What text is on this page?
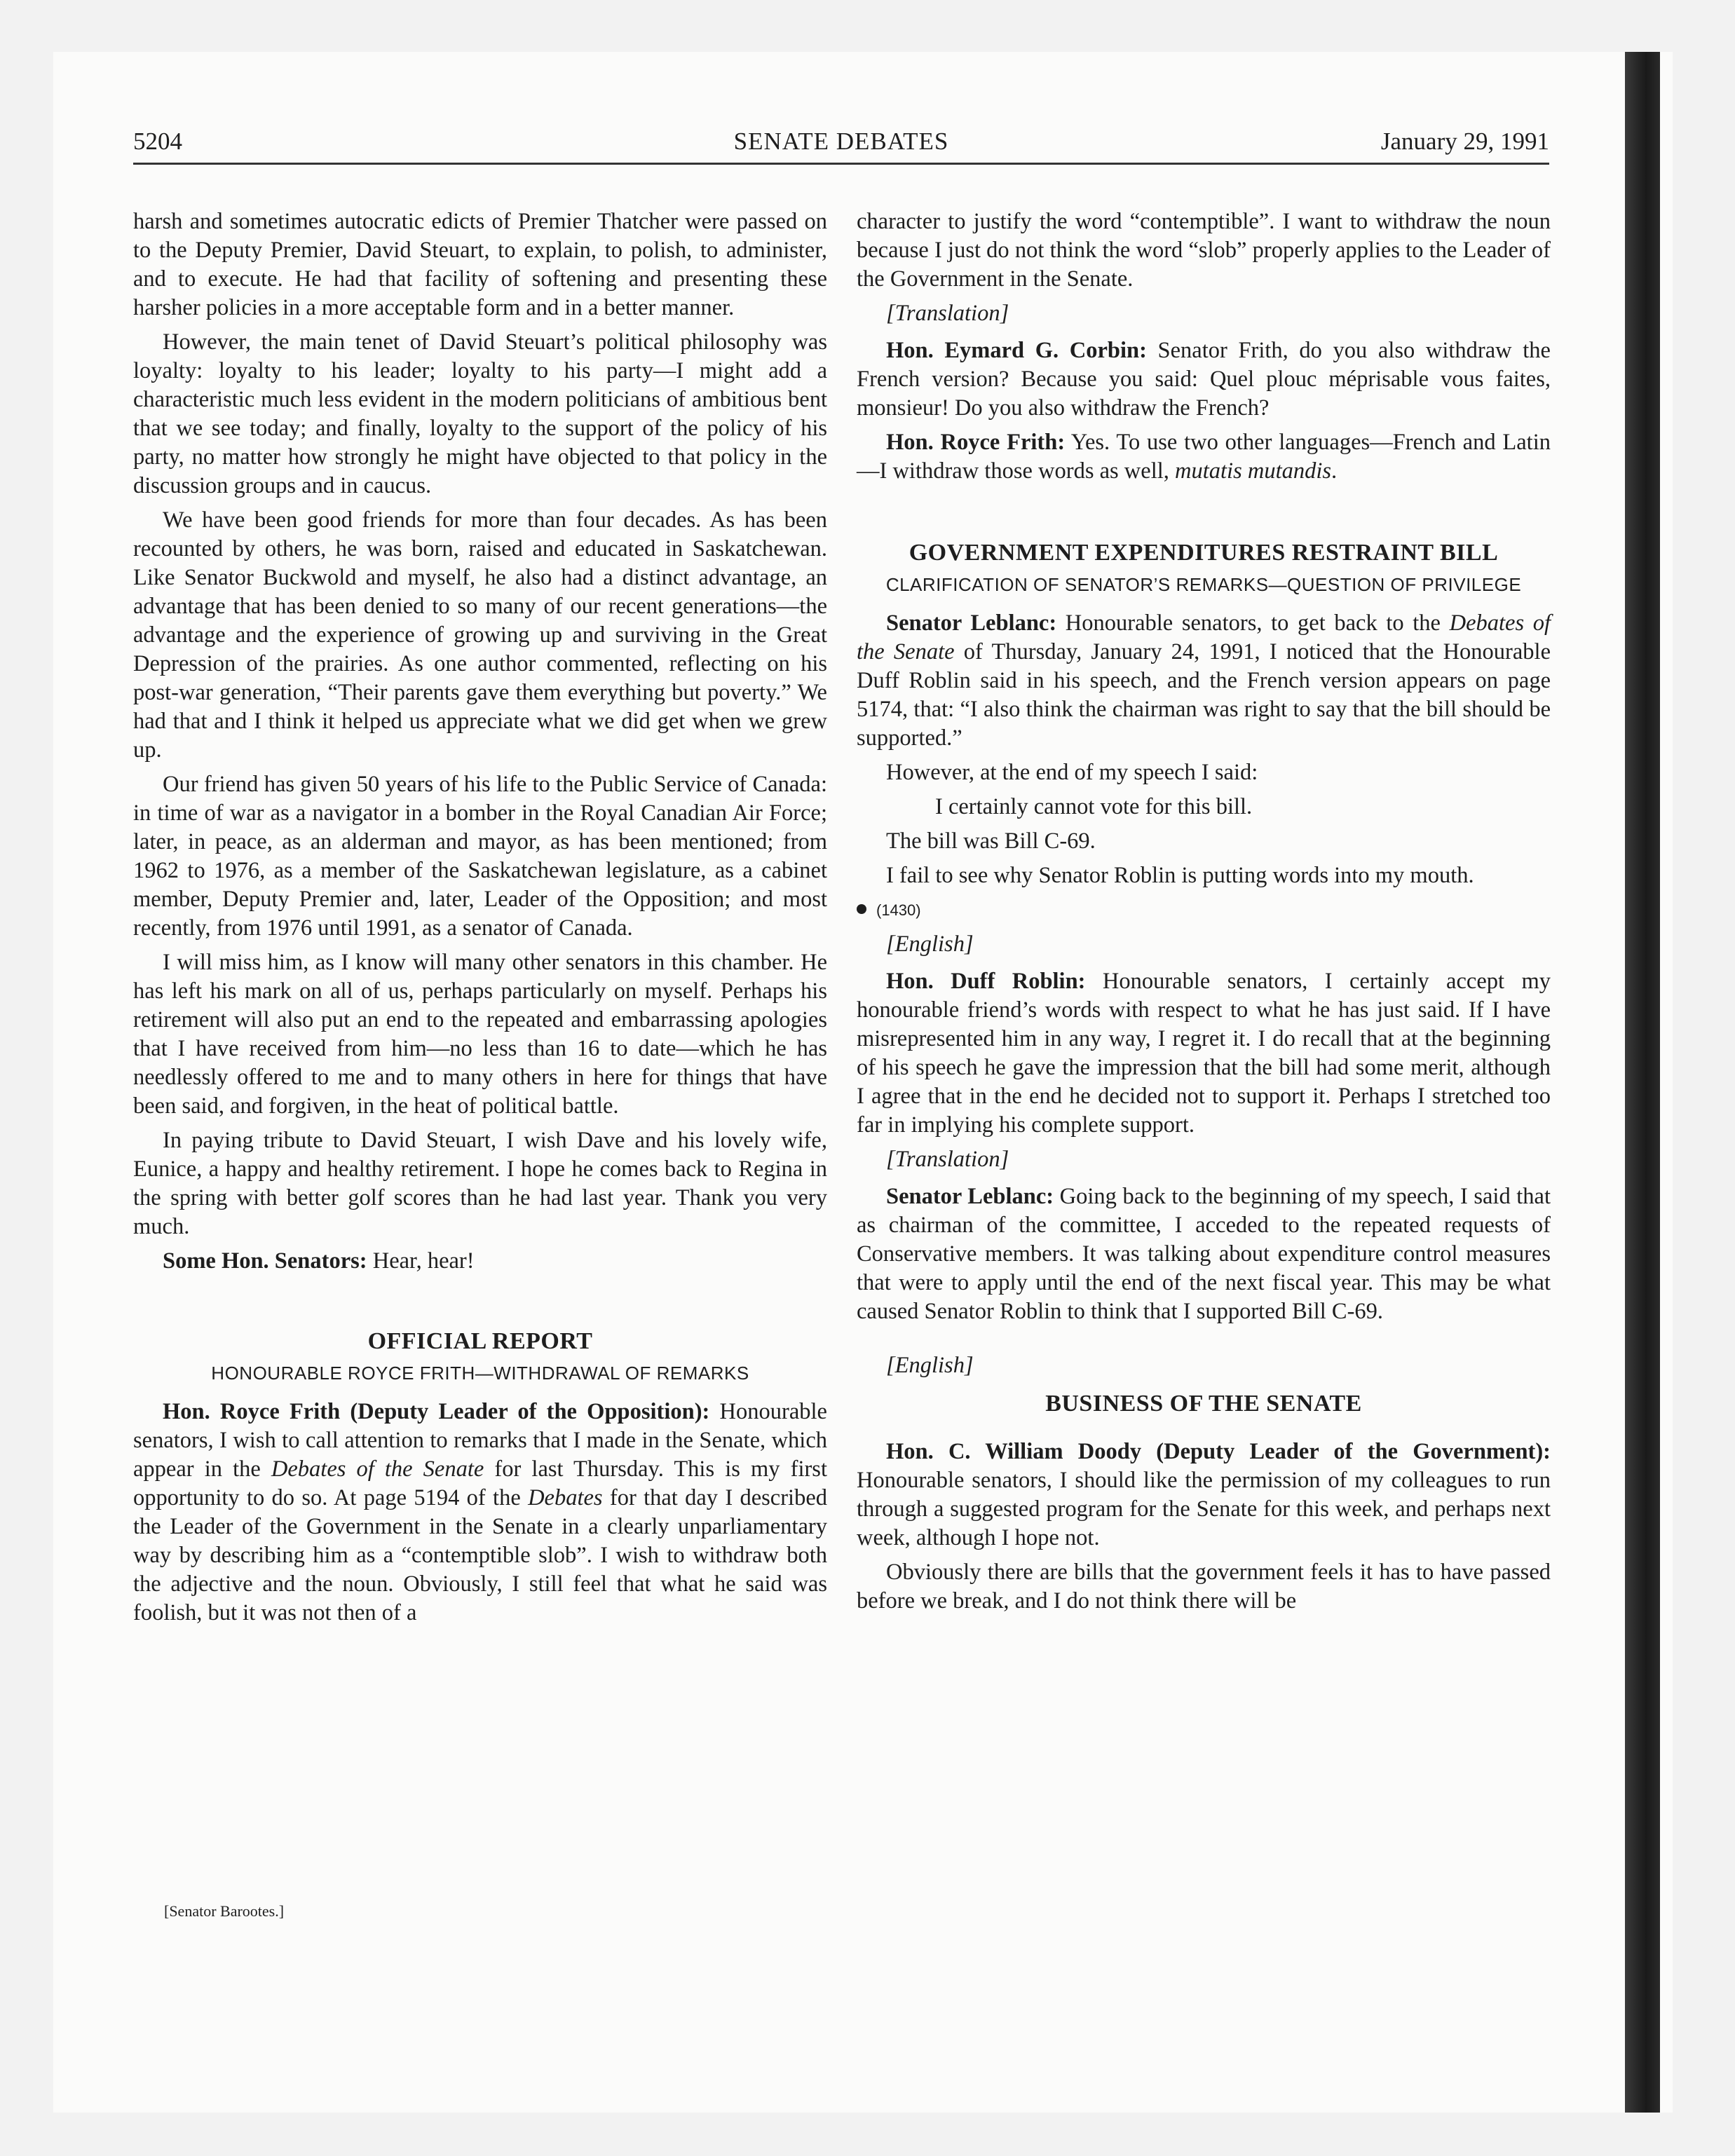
5204	SENATE DEBATES	January 29, 1991

harsh and sometimes autocratic edicts of Premier Thatcher were passed on to the Deputy Premier, David Steuart, to explain, to polish, to administer, and to execute. He had that facility of softening and presenting these harsher policies in a more acceptable form and in a better manner.

However, the main tenet of David Steuart’s political philosophy was loyalty: loyalty to his leader; loyalty to his party—I might add a characteristic much less evident in the modern politicians of ambitious bent that we see today; and finally, loyalty to the support of the policy of his party, no matter how strongly he might have objected to that policy in the discussion groups and in caucus.

We have been good friends for more than four decades. As has been recounted by others, he was born, raised and educated in Saskatchewan. Like Senator Buckwold and myself, he also had a distinct advantage, an advantage that has been denied to so many of our recent generations—the advantage and the experience of growing up and surviving in the Great Depression of the prairies. As one author commented, reflecting on his post-war generation, “Their parents gave them everything but poverty.” We had that and I think it helped us appreciate what we did get when we grew up.

Our friend has given 50 years of his life to the Public Service of Canada: in time of war as a navigator in a bomber in the Royal Canadian Air Force; later, in peace, as an alderman and mayor, as has been mentioned; from 1962 to 1976, as a member of the Saskatchewan legislature, as a cabinet member, Deputy Premier and, later, Leader of the Opposition; and most recently, from 1976 until 1991, as a senator of Canada.

I will miss him, as I know will many other senators in this chamber. He has left his mark on all of us, perhaps particularly on myself. Perhaps his retirement will also put an end to the repeated and embarrassing apologies that I have received from him—no less than 16 to date—which he has needlessly offered to me and to many others in here for things that have been said, and forgiven, in the heat of political battle.

In paying tribute to David Steuart, I wish Dave and his lovely wife, Eunice, a happy and healthy retirement. I hope he comes back to Regina in the spring with better golf scores than he had last year. Thank you very much.

Some Hon. Senators: Hear, hear!

OFFICIAL REPORT
HONOURABLE ROYCE FRITH—WITHDRAWAL OF REMARKS

Hon. Royce Frith (Deputy Leader of the Opposition): Honourable senators, I wish to call attention to remarks that I made in the Senate, which appear in the Debates of the Senate for last Thursday. This is my first opportunity to do so. At page 5194 of the Debates for that day I described the Leader of the Government in the Senate in a clearly unparliamentary way by describing him as a “contemptible slob”. I wish to withdraw both the adjective and the noun. Obviously, I still feel that what he said was foolish, but it was not then of a

character to justify the word “contemptible”. I want to withdraw the noun because I just do not think the word “slob” properly applies to the Leader of the Government in the Senate.

[Translation]

Hon. Eymard G. Corbin: Senator Frith, do you also withdraw the French version? Because you said: Quel plouc méprisable vous faites, monsieur! Do you also withdraw the French?

Hon. Royce Frith: Yes. To use two other languages—French and Latin—I withdraw those words as well, mutatis mutandis.

GOVERNMENT EXPENDITURES RESTRAINT BILL
CLARIFICATION OF SENATOR’S REMARKS—QUESTION OF PRIVILEGE

Senator Leblanc: Honourable senators, to get back to the Debates of the Senate of Thursday, January 24, 1991, I noticed that the Honourable Duff Roblin said in his speech, and the French version appears on page 5174, that: “I also think the chairman was right to say that the bill should be supported.”

However, at the end of my speech I said:

I certainly cannot vote for this bill.

The bill was Bill C-69.

I fail to see why Senator Roblin is putting words into my mouth.

(1430)

[English]

Hon. Duff Roblin: Honourable senators, I certainly accept my honourable friend’s words with respect to what he has just said. If I have misrepresented him in any way, I regret it. I do recall that at the beginning of his speech he gave the impression that the bill had some merit, although I agree that in the end he decided not to support it. Perhaps I stretched too far in implying his complete support.

[Translation]

Senator Leblanc: Going back to the beginning of my speech, I said that as chairman of the committee, I acceded to the repeated requests of Conservative members. It was talking about expenditure control measures that were to apply until the end of the next fiscal year. This may be what caused Senator Roblin to think that I supported Bill C-69.

[English]

BUSINESS OF THE SENATE

Hon. C. William Doody (Deputy Leader of the Government): Honourable senators, I should like the permission of my colleagues to run through a suggested program for the Senate for this week, and perhaps next week, although I hope not.

Obviously there are bills that the government feels it has to have passed before we break, and I do not think there will be

[Senator Barootes.]
